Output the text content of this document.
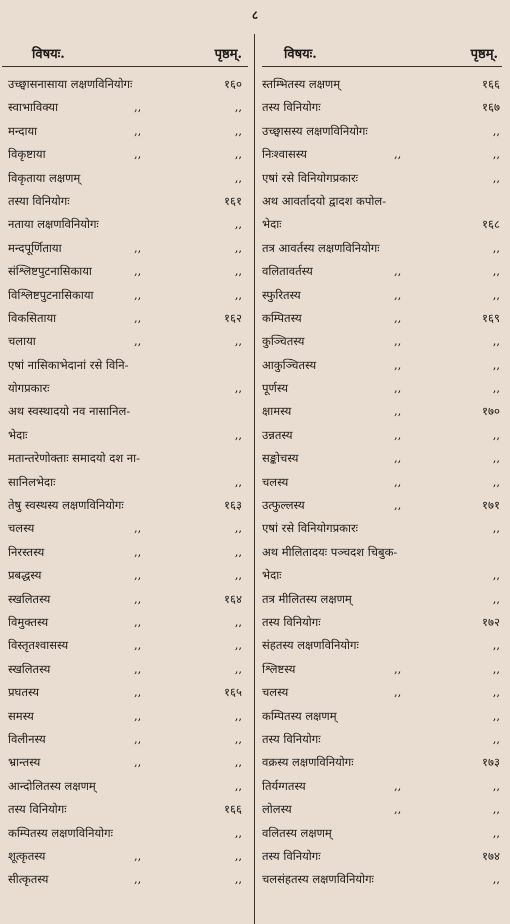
८
विषयः.	पृष्ठम्.
उच्छ्वासनासाया लक्षणविनियोगः	१६०
स्वाभाविक्या	,,	,,
मन्दाया	,,	,,
विकृष्टाया	,,	,,
विकृताया लक्षणम्	,,
तस्या विनियोगः	१६१
नताया लक्षणविनियोगः	,,
मन्दपूर्णिताया	,,	,,
संश्लिष्टपुटनासिकाया	,,	,,
विश्लिष्टपुटनासिकाया	,,	,,
विकसिताया	,,	१६२
चलाया	,,	,,
एषां नासिकाभेदानां रसे विनि-
योगप्रकारः	,,
अथ स्वस्थादयो नव नासानिल-
भेदाः	,,
मतान्तरेणोक्ताः समादयो दश ना-
सानिलभेदाः	,,
तेषु स्वस्थस्य लक्षणविनियोगः	१६३
चलस्य	,,	,,
निरस्तस्य	,,	,,
प्रबद्धस्य	,,	,,
स्खलितस्य	,,	१६४
विमुक्तस्य	,,	,,
विस्तृतश्वासस्य	,,	,,
स्खलितस्य	,,	,,
प्रघतस्य	,,	१६५
समस्य	,,	,,
विलीनस्य	,,	,,
भ्रान्तस्य	,,	,,
आन्दोलितस्य लक्षणम्	,,
तस्य विनियोगः	१६६
कम्पितस्य लक्षणविनियोगः	,,
शूत्कृतस्य	,,	,,
सीत्कृतस्य	,,	,,
विषयः.	पृष्ठम्.
स्तम्भितस्य लक्षणम्	१६६
तस्य विनियोगः	१६७
उच्छ्वासस्य लक्षणविनियोगः	,,
निःश्वासस्य	,,	,,
एषां रसे विनियोगप्रकारः	,,
अथ आवर्तादयो द्वादश कपोल-
भेदाः	१६८
तत्र आवर्तस्य लक्षणविनियोगः	,,
वलितावर्तस्य	,,	,,
स्फुरितस्य	,,	,,
कम्पितस्य	,,	१६९
कुञ्चितस्य	,,	,,
आकुञ्चितस्य	,,	,,
पूर्णस्य	,,	,,
क्षामस्य	,,	१७०
उन्नतस्य	,,	,,
सङ्कोचस्य	,,	,,
चलस्य	,,	,,
उत्फुल्लस्य	,,	१७१
एषां रसे विनियोगप्रकारः	,,
अथ मीलितादयः पञ्चदश चिबुक-
भेदाः	,,
तत्र मीलितस्य लक्षणम्	,,
तस्य विनियोगः	१७२
संहतस्य लक्षणविनियोगः	,,
श्लिष्टस्य	,,	,,
चलस्य	,,	,,
कम्पितस्य लक्षणम्	,,
तस्य विनियोगः	,,
वक्रस्य लक्षणविनियोगः	१७३
तिर्यग्गतस्य	,,	,,
लोलस्य	,,	,,
वलितस्य लक्षणम्	,,
तस्य विनियोगः	१७४
चलसंहतस्य लक्षणविनियोगः	,,
